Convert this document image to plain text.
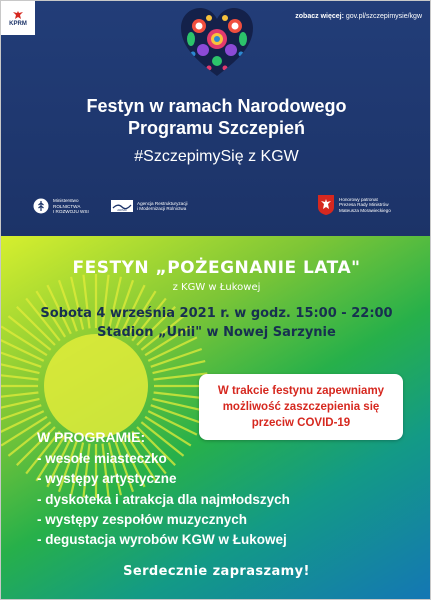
KPRM
zobacz więcej: gov.pl/szczepimysie/kgw
Festyn w ramach Narodowego
Programu Szczepień
#SzczepimySię z KGW
Ministerstwo
ROLNICTWA
I ROZWOJU WSI	ARiMR
Agencja Restrukturyzacji
i Modernizacji Rolnictwa
Honorowy patronat
Prezesa Rady Ministrów
Mateusza Morawieckiego
FESTYN „POŻEGNANIE LATA"
z KGW w Łukowej
Sobota 4 września 2021 r. w godz. 15:00 - 22:00
Stadion „Unii" w Nowej Sarzynie
W trakcie festynu zapewniamy
możliwość zaszczepienia się
przeciw COVID-19
W PROGRAMIE:
- wesołe miasteczko
- występy artystyczne
- dyskoteka i atrakcja dla najmłodszych
- występy zespołów muzycznych
- degustacja wyrobów KGW w Łukowej
Serdecznie zapraszamy!
